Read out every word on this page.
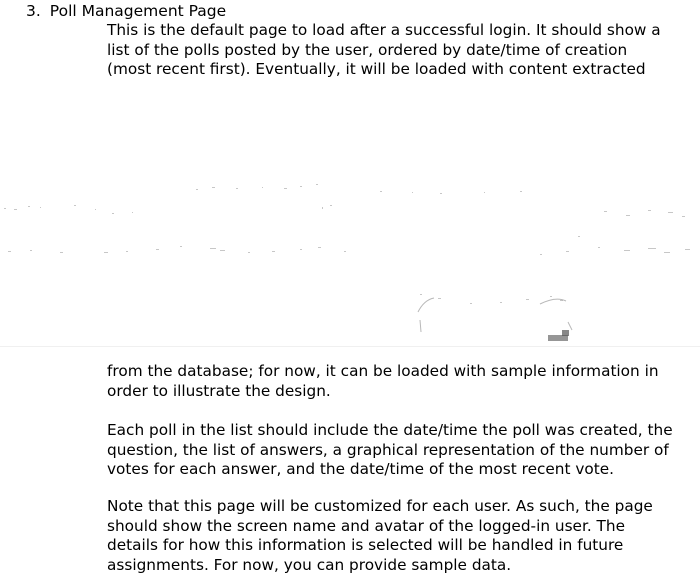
3. Poll Management Page

This is the default page to load after a successful login. It should show a
list of the polls posted by the user, ordered by date/time of creation
(most recent first). Eventually, it will be loaded with content extracted

from the database; for now, it can be loaded with sample information in
order to illustrate the design.

Each poll in the list should include the date/time the poll was created, the
question, the list of answers, a graphical representation of the number of
votes for each answer, and the date/time of the most recent vote.

Note that this page will be customized for each user. As such, the page
should show the screen name and avatar of the logged-in user. The
details for how this information is selected will be handled in future
assignments. For now, you can provide sample data.
